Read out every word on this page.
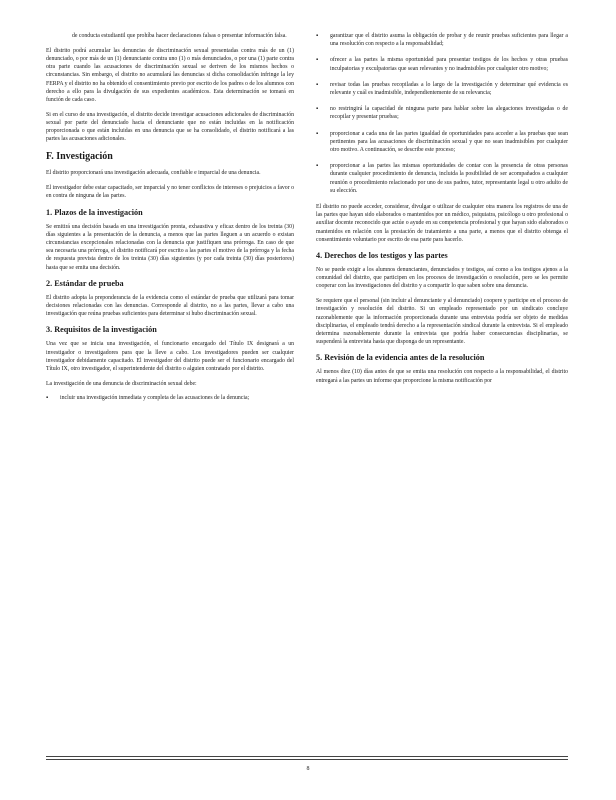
de conducta estudiantil que prohíba hacer declaraciones falsas o presentar información falsa.

El distrito podrá acumular las denuncias de discriminación sexual presentadas contra más de un (1) denunciado, o por más de un (1) denunciante contra uno (1) o más denunciados, o por una (1) parte contra otra parte cuando las acusaciones de discriminación sexual se deriven de los mismos hechos o circunstancias. Sin embargo, el distrito no acumulará las denuncias si dicha consolidación infringe la ley FERPA y el distrito no ha obtenido el consentimiento previo por escrito de los padres o de los alumnos con derecho a ello para la divulgación de sus expedientes académicos. Esta determinación se tomará en función de cada caso.

Si en el curso de una investigación, el distrito decide investigar acusaciones adicionales de discriminación sexual por parte del denunciado hacia el denunciante que no están incluidas en la notificación proporcionada o que están incluidas en una denuncia que se ha consolidado, el distrito notificará a las partes las acusaciones adicionales.

F. Investigación

El distrito proporcionará una investigación adecuada, confiable e imparcial de una denuncia.

El investigador debe estar capacitado, ser imparcial y no tener conflictos de intereses o prejuicios a favor o en contra de ninguna de las partes.

1. Plazos de la investigación

Se emitirá una decisión basada en una investigación pronta, exhaustiva y eficaz dentro de los treinta (30) días siguientes a la presentación de la denuncia, a menos que las partes lleguen a un acuerdo o existan circunstancias excepcionales relacionadas con la denuncia que justifiquen una prórroga. En caso de que sea necesaria una prórroga, el distrito notificará por escrito a las partes el motivo de la prórroga y la fecha de respuesta prevista dentro de los treinta (30) días siguientes (y por cada treinta (30) días posteriores) hasta que se emita una decisión.

2. Estándar de prueba

El distrito adopta la preponderancia de la evidencia como el estándar de prueba que utilizará para tomar decisiones relacionadas con las denuncias. Corresponde al distrito, no a las partes, llevar a cabo una investigación que reúna pruebas suficientes para determinar si hubo discriminación sexual.

3. Requisitos de la investigación

Una vez que se inicia una investigación, el funcionario encargado del Título IX designará a un investigador o investigadores para que la lleve a cabo. Los investigadores pueden ser cualquier investigador debidamente capacitado. El investigador del distrito puede ser el funcionario encargado del Título IX, otro investigador, el superintendente del distrito o alguien contratado por el distrito.

La investigación de una denuncia de discriminación sexual debe:

▪	incluir una investigación inmediata y completa de las acusaciones de la denuncia;
▪	garantizar que el distrito asuma la obligación de probar y de reunir pruebas suficientes para llegar a una resolución con respecto a la responsabilidad;
▪	ofrecer a las partes la misma oportunidad para presentar testigos de los hechos y otras pruebas inculpatorias y exculpatorias que sean relevantes y no inadmisibles por cualquier otro motivo;
▪	revisar todas las pruebas recopiladas a lo largo de la investigación y determinar qué evidencia es relevante y cuál es inadmisible, independientemente de su relevancia;
▪	no restringirá la capacidad de ninguna parte para hablar sobre las alegaciones investigadas o de recopilar y presentar pruebas;
▪	proporcionar a cada una de las partes igualdad de oportunidades para acceder a las pruebas que sean pertinentes para las acusaciones de discriminación sexual y que no sean inadmisibles por cualquier otro motivo. A continuación, se describe este proceso;
▪	proporcionar a las partes las mismas oportunidades de contar con la presencia de otras personas durante cualquier procedimiento de denuncia, incluida la posibilidad de ser acompañados a cualquier reunión o procedimiento relacionado por uno de sus padres, tutor, representante legal u otro adulto de su elección.

El distrito no puede acceder, considerar, divulgar o utilizar de cualquier otra manera los registros de una de las partes que hayan sido elaborados o mantenidos por un médico, psiquiatra, psicólogo u otro profesional o auxiliar docente reconocido que actúe o ayude en su competencia profesional y que hayan sido elaborados o mantenidos en relación con la prestación de tratamiento a una parte, a menos que el distrito obtenga el consentimiento voluntario por escrito de esa parte para hacerlo.

4. Derechos de los testigos y las partes

No se puede exigir a los alumnos denunciantes, denunciados y testigos, así como a los testigos ajenos a la comunidad del distrito, que participen en los procesos de investigación o resolución, pero se les permite cooperar con las investigaciones del distrito y a compartir lo que saben sobre una denuncia.

Se requiere que el personal (sin incluir al denunciante y al denunciado) coopere y participe en el proceso de investigación y resolución del distrito. Si un empleado representado por un sindicato concluye razonablemente que la información proporcionada durante una entrevista podría ser objeto de medidas disciplinarias, el empleado tendrá derecho a la representación sindical durante la entrevista. Si el empleado determina razonablemente durante la entrevista que podría haber consecuencias disciplinarias, se suspenderá la entrevista hasta que disponga de un representante.

5. Revisión de la evidencia antes de la resolución

Al menos diez (10) días antes de que se emita una resolución con respecto a la responsabilidad, el distrito entregará a las partes un informe que proporcione la misma notificación por

8
